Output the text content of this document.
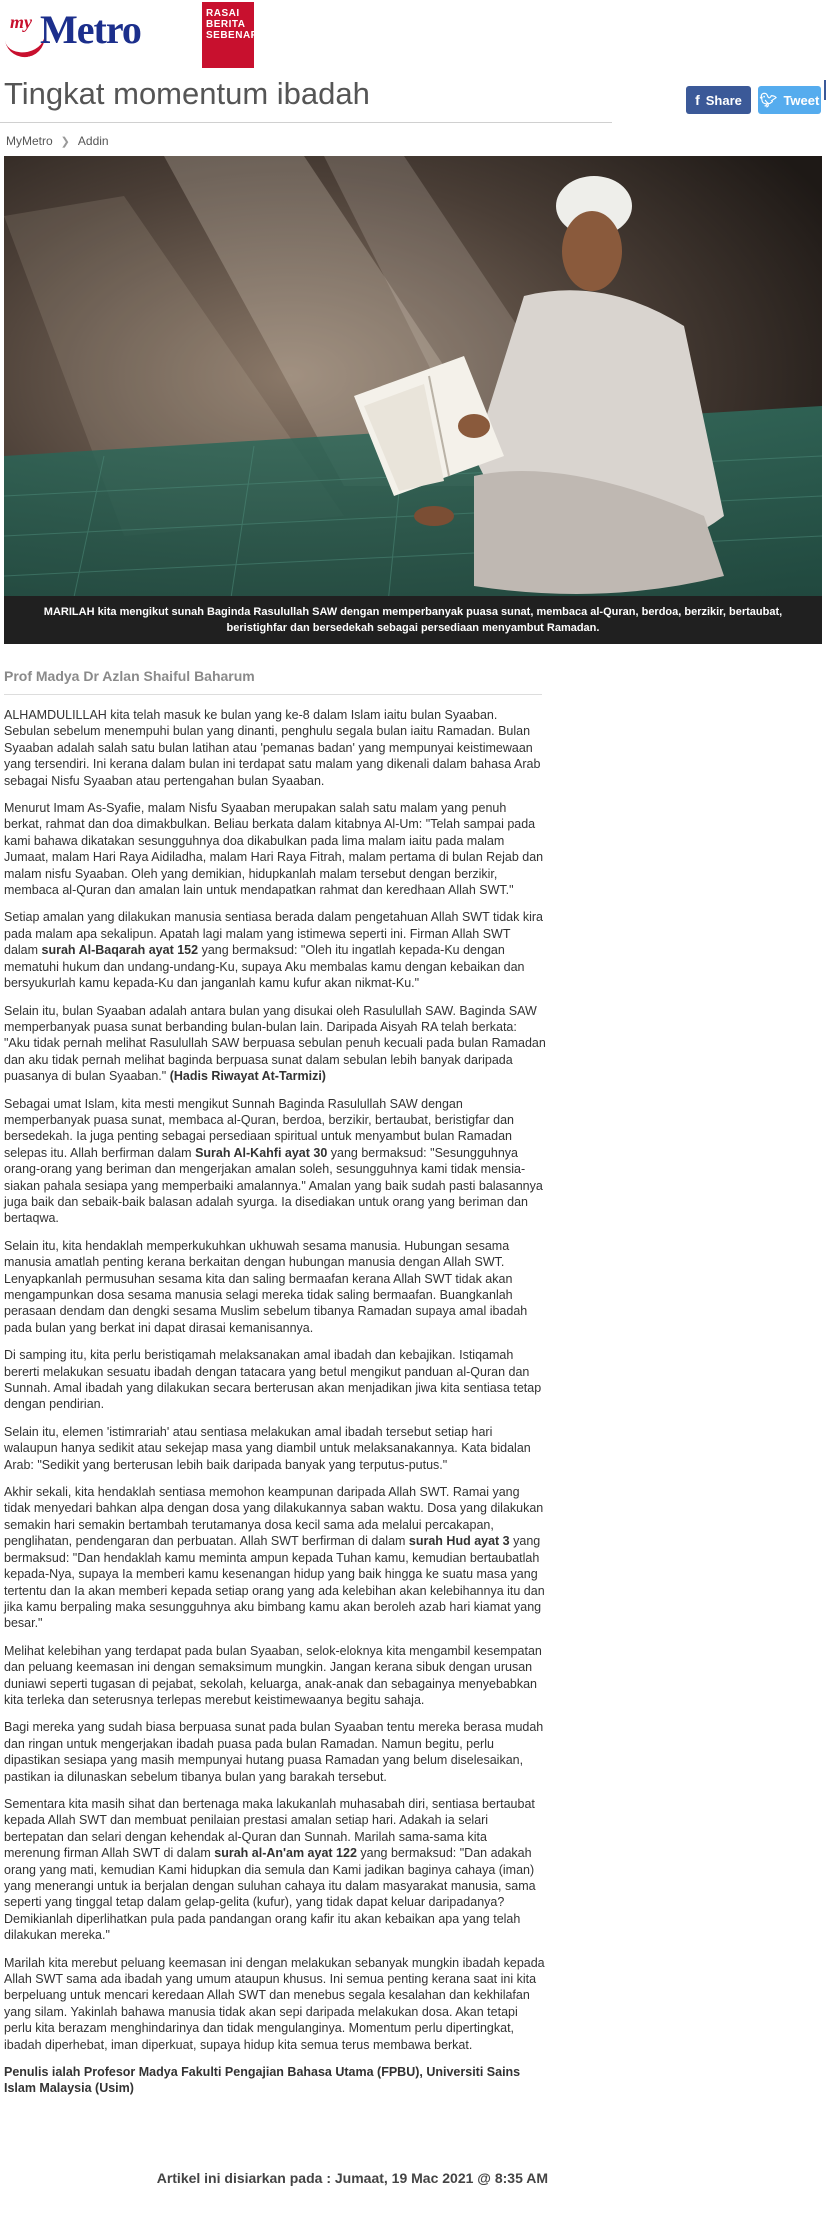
my Metro	RASAI BERITA SEBENAR
Tingkat momentum ibadah	f Share 🐦︎ Tweet
MyMetro ❯ Addin
MARILAH kita mengikut sunah Baginda Rasulullah SAW dengan memperbanyak puasa sunat, membaca al-Quran, berdoa, berzikir, bertaubat, beristighfar dan bersedekah sebagai persediaan menyambut Ramadan.
Prof Madya Dr Azlan Shaiful Baharum

ALHAMDULILLAH kita telah masuk ke bulan yang ke-8 dalam Islam iaitu bulan Syaaban. Sebulan sebelum menempuhi bulan yang dinanti, penghulu segala bulan iaitu Ramadan. Bulan Syaaban adalah salah satu bulan latihan atau 'pemanas badan' yang mempunyai keistimewaan yang tersendiri. Ini kerana dalam bulan ini terdapat satu malam yang dikenali dalam bahasa Arab sebagai Nisfu Syaaban atau pertengahan bulan Syaaban.

Menurut Imam As-Syafie, malam Nisfu Syaaban merupakan salah satu malam yang penuh berkat, rahmat dan doa dimakbulkan. Beliau berkata dalam kitabnya Al-Um: "Telah sampai pada kami bahawa dikatakan sesungguhnya doa dikabulkan pada lima malam iaitu pada malam Jumaat, malam Hari Raya Aidiladha, malam Hari Raya Fitrah, malam pertama di bulan Rejab dan malam nisfu Syaaban. Oleh yang demikian, hidupkanlah malam tersebut dengan berzikir, membaca al-Quran dan amalan lain untuk mendapatkan rahmat dan keredhaan Allah SWT."

Setiap amalan yang dilakukan manusia sentiasa berada dalam pengetahuan Allah SWT tidak kira pada malam apa sekalipun. Apatah lagi malam yang istimewa seperti ini. Firman Allah SWT dalam surah Al-Baqarah ayat 152 yang bermaksud: "Oleh itu ingatlah kepada-Ku dengan mematuhi hukum dan undang-undang-Ku, supaya Aku membalas kamu dengan kebaikan dan bersyukurlah kamu kepada-Ku dan janganlah kamu kufur akan nikmat-Ku."

Selain itu, bulan Syaaban adalah antara bulan yang disukai oleh Rasulullah SAW. Baginda SAW memperbanyak puasa sunat berbanding bulan-bulan lain. Daripada Aisyah RA telah berkata: "Aku tidak pernah melihat Rasulullah SAW berpuasa sebulan penuh kecuali pada bulan Ramadan dan aku tidak pernah melihat baginda berpuasa sunat dalam sebulan lebih banyak daripada puasanya di bulan Syaaban." (Hadis Riwayat At-Tarmizi)

Sebagai umat Islam, kita mesti mengikut Sunnah Baginda Rasulullah SAW dengan memperbanyak puasa sunat, membaca al-Quran, berdoa, berzikir, bertaubat, beristigfar dan bersedekah. Ia juga penting sebagai persediaan spiritual untuk menyambut bulan Ramadan selepas itu. Allah berfirman dalam Surah Al-Kahfi ayat 30 yang bermaksud: "Sesungguhnya orang-orang yang beriman dan mengerjakan amalan soleh, sesungguhnya kami tidak mensia-siakan pahala sesiapa yang memperbaiki amalannya." Amalan yang baik sudah pasti balasannya juga baik dan sebaik-baik balasan adalah syurga. Ia disediakan untuk orang yang beriman dan bertaqwa.

Selain itu, kita hendaklah memperkukuhkan ukhuwah sesama manusia. Hubungan sesama manusia amatlah penting kerana berkaitan dengan hubungan manusia dengan Allah SWT. Lenyapkanlah permusuhan sesama kita dan saling bermaafan kerana Allah SWT tidak akan mengampunkan dosa sesama manusia selagi mereka tidak saling bermaafan. Buangkanlah perasaan dendam dan dengki sesama Muslim sebelum tibanya Ramadan supaya amal ibadah pada bulan yang berkat ini dapat dirasai kemanisannya.

Di samping itu, kita perlu beristiqamah melaksanakan amal ibadah dan kebajikan. Istiqamah bererti melakukan sesuatu ibadah dengan tatacara yang betul mengikut panduan al-Quran dan Sunnah. Amal ibadah yang dilakukan secara berterusan akan menjadikan jiwa kita sentiasa tetap dengan pendirian.

Selain itu, elemen 'istimrariah' atau sentiasa melakukan amal ibadah tersebut setiap hari walaupun hanya sedikit atau sekejap masa yang diambil untuk melaksanakannya. Kata bidalan Arab: "Sedikit yang berterusan lebih baik daripada banyak yang terputus-putus."

Akhir sekali, kita hendaklah sentiasa memohon keampunan daripada Allah SWT. Ramai yang tidak menyedari bahkan alpa dengan dosa yang dilakukannya saban waktu. Dosa yang dilakukan semakin hari semakin bertambah terutamanya dosa kecil sama ada melalui percakapan, penglihatan, pendengaran dan perbuatan. Allah SWT berfirman di dalam surah Hud ayat 3 yang bermaksud: "Dan hendaklah kamu meminta ampun kepada Tuhan kamu, kemudian bertaubatlah kepada-Nya, supaya Ia memberi kamu kesenangan hidup yang baik hingga ke suatu masa yang tertentu dan Ia akan memberi kepada setiap orang yang ada kelebihan akan kelebihannya itu dan jika kamu berpaling maka sesungguhnya aku bimbang kamu akan beroleh azab hari kiamat yang besar."

Melihat kelebihan yang terdapat pada bulan Syaaban, selok-eloknya kita mengambil kesempatan dan peluang keemasan ini dengan semaksimum mungkin. Jangan kerana sibuk dengan urusan duniawi seperti tugasan di pejabat, sekolah, keluarga, anak-anak dan sebagainya menyebabkan kita terleka dan seterusnya terlepas merebut keistimewaanya begitu sahaja.

Bagi mereka yang sudah biasa berpuasa sunat pada bulan Syaaban tentu mereka berasa mudah dan ringan untuk mengerjakan ibadah puasa pada bulan Ramadan. Namun begitu, perlu dipastikan sesiapa yang masih mempunyai hutang puasa Ramadan yang belum diselesaikan, pastikan ia dilunaskan sebelum tibanya bulan yang barakah tersebut.

Sementara kita masih sihat dan bertenaga maka lakukanlah muhasabah diri, sentiasa bertaubat kepada Allah SWT dan membuat penilaian prestasi amalan setiap hari. Adakah ia selari bertepatan dan selari dengan kehendak al-Quran dan Sunnah. Marilah sama-sama kita merenung firman Allah SWT di dalam surah al-An'am ayat 122 yang bermaksud: "Dan adakah orang yang mati, kemudian Kami hidupkan dia semula dan Kami jadikan baginya cahaya (iman) yang menerangi untuk ia berjalan dengan suluhan cahaya itu dalam masyarakat manusia, sama seperti yang tinggal tetap dalam gelap-gelita (kufur), yang tidak dapat keluar daripadanya? Demikianlah diperlihatkan pula pada pandangan orang kafir itu akan kebaikan apa yang telah dilakukan mereka."

Marilah kita merebut peluang keemasan ini dengan melakukan sebanyak mungkin ibadah kepada Allah SWT sama ada ibadah yang umum ataupun khusus. Ini semua penting kerana saat ini kita berpeluang untuk mencari keredaan Allah SWT dan menebus segala kesalahan dan kekhilafan yang silam. Yakinlah bahawa manusia tidak akan sepi daripada melakukan dosa. Akan tetapi perlu kita berazam menghindarinya dan tidak mengulanginya. Momentum perlu dipertingkat, ibadah diperhebat, iman diperkuat, supaya hidup kita semua terus membawa berkat.

Penulis ialah Profesor Madya Fakulti Pengajian Bahasa Utama (FPBU), Universiti Sains Islam Malaysia (Usim)

Artikel ini disiarkan pada : Jumaat, 19 Mac 2021 @ 8:35 AM
